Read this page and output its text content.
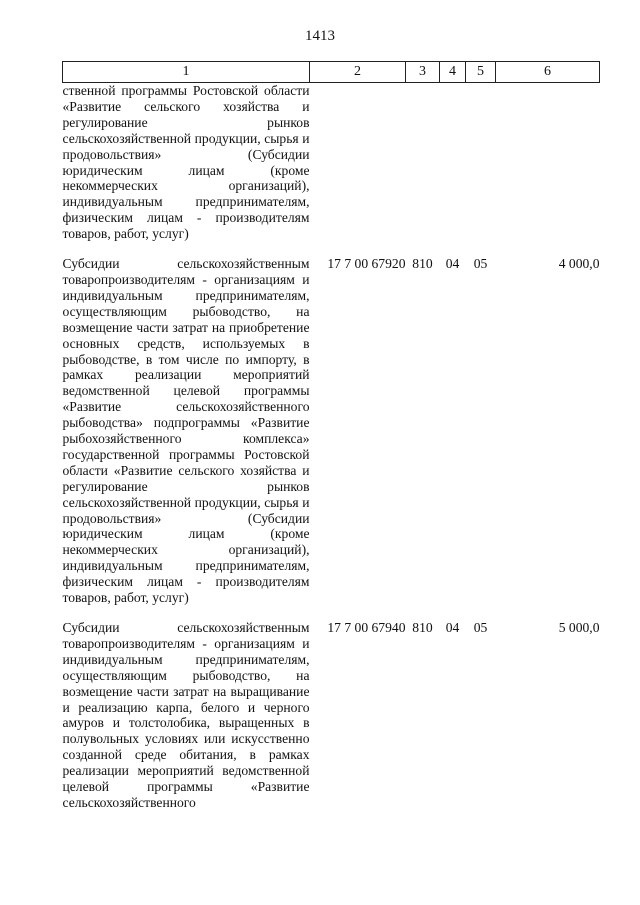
1413
1	2	3	4	5	6
ственной программы Ростовской области «Развитие сельского хозяйства и регулирование рынков сельскохозяйственной продукции, сырья и продовольствия» (Субсидии юридическим лицам (кроме некоммерческих организаций), индивидуальным предпринимателям, физическим лицам - производителям товаров, работ, услуг)					

Субсидии сельскохозяйственным товаропроизводителям - организациям и индивидуальным предпринимателям, осуществляющим рыбоводство, на возмещение части затрат на приобретение основных средств, используемых в рыбоводстве, в том числе по импорту, в рамках реализации мероприятий ведомственной целевой программы «Развитие сельскохозяйственного рыбоводства» подпрограммы «Развитие рыбохозяйственного комплекса» государственной программы Ростовской области «Развитие сельского хозяйства и регулирование рынков сельскохозяйственной продукции, сырья и продовольствия» (Субсидии юридическим лицам (кроме некоммерческих организаций), индивидуальным предпринимателям, физическим лицам - производителям товаров, работ, услуг)	17 7 00 67920	810	04	05	4 000,0

Субсидии сельскохозяйственным товаропроизводителям - организациям и индивидуальным предпринимателям, осуществляющим рыбоводство, на возмещение части затрат на выращивание и реализацию карпа, белого и черного амуров и толстолобика, выращенных в полувольных условиях или искусственно созданной среде обитания, в рамках реализации мероприятий ведомственной целевой программы «Развитие сельскохозяйственного	17 7 00 67940	810	04	05	5 000,0
